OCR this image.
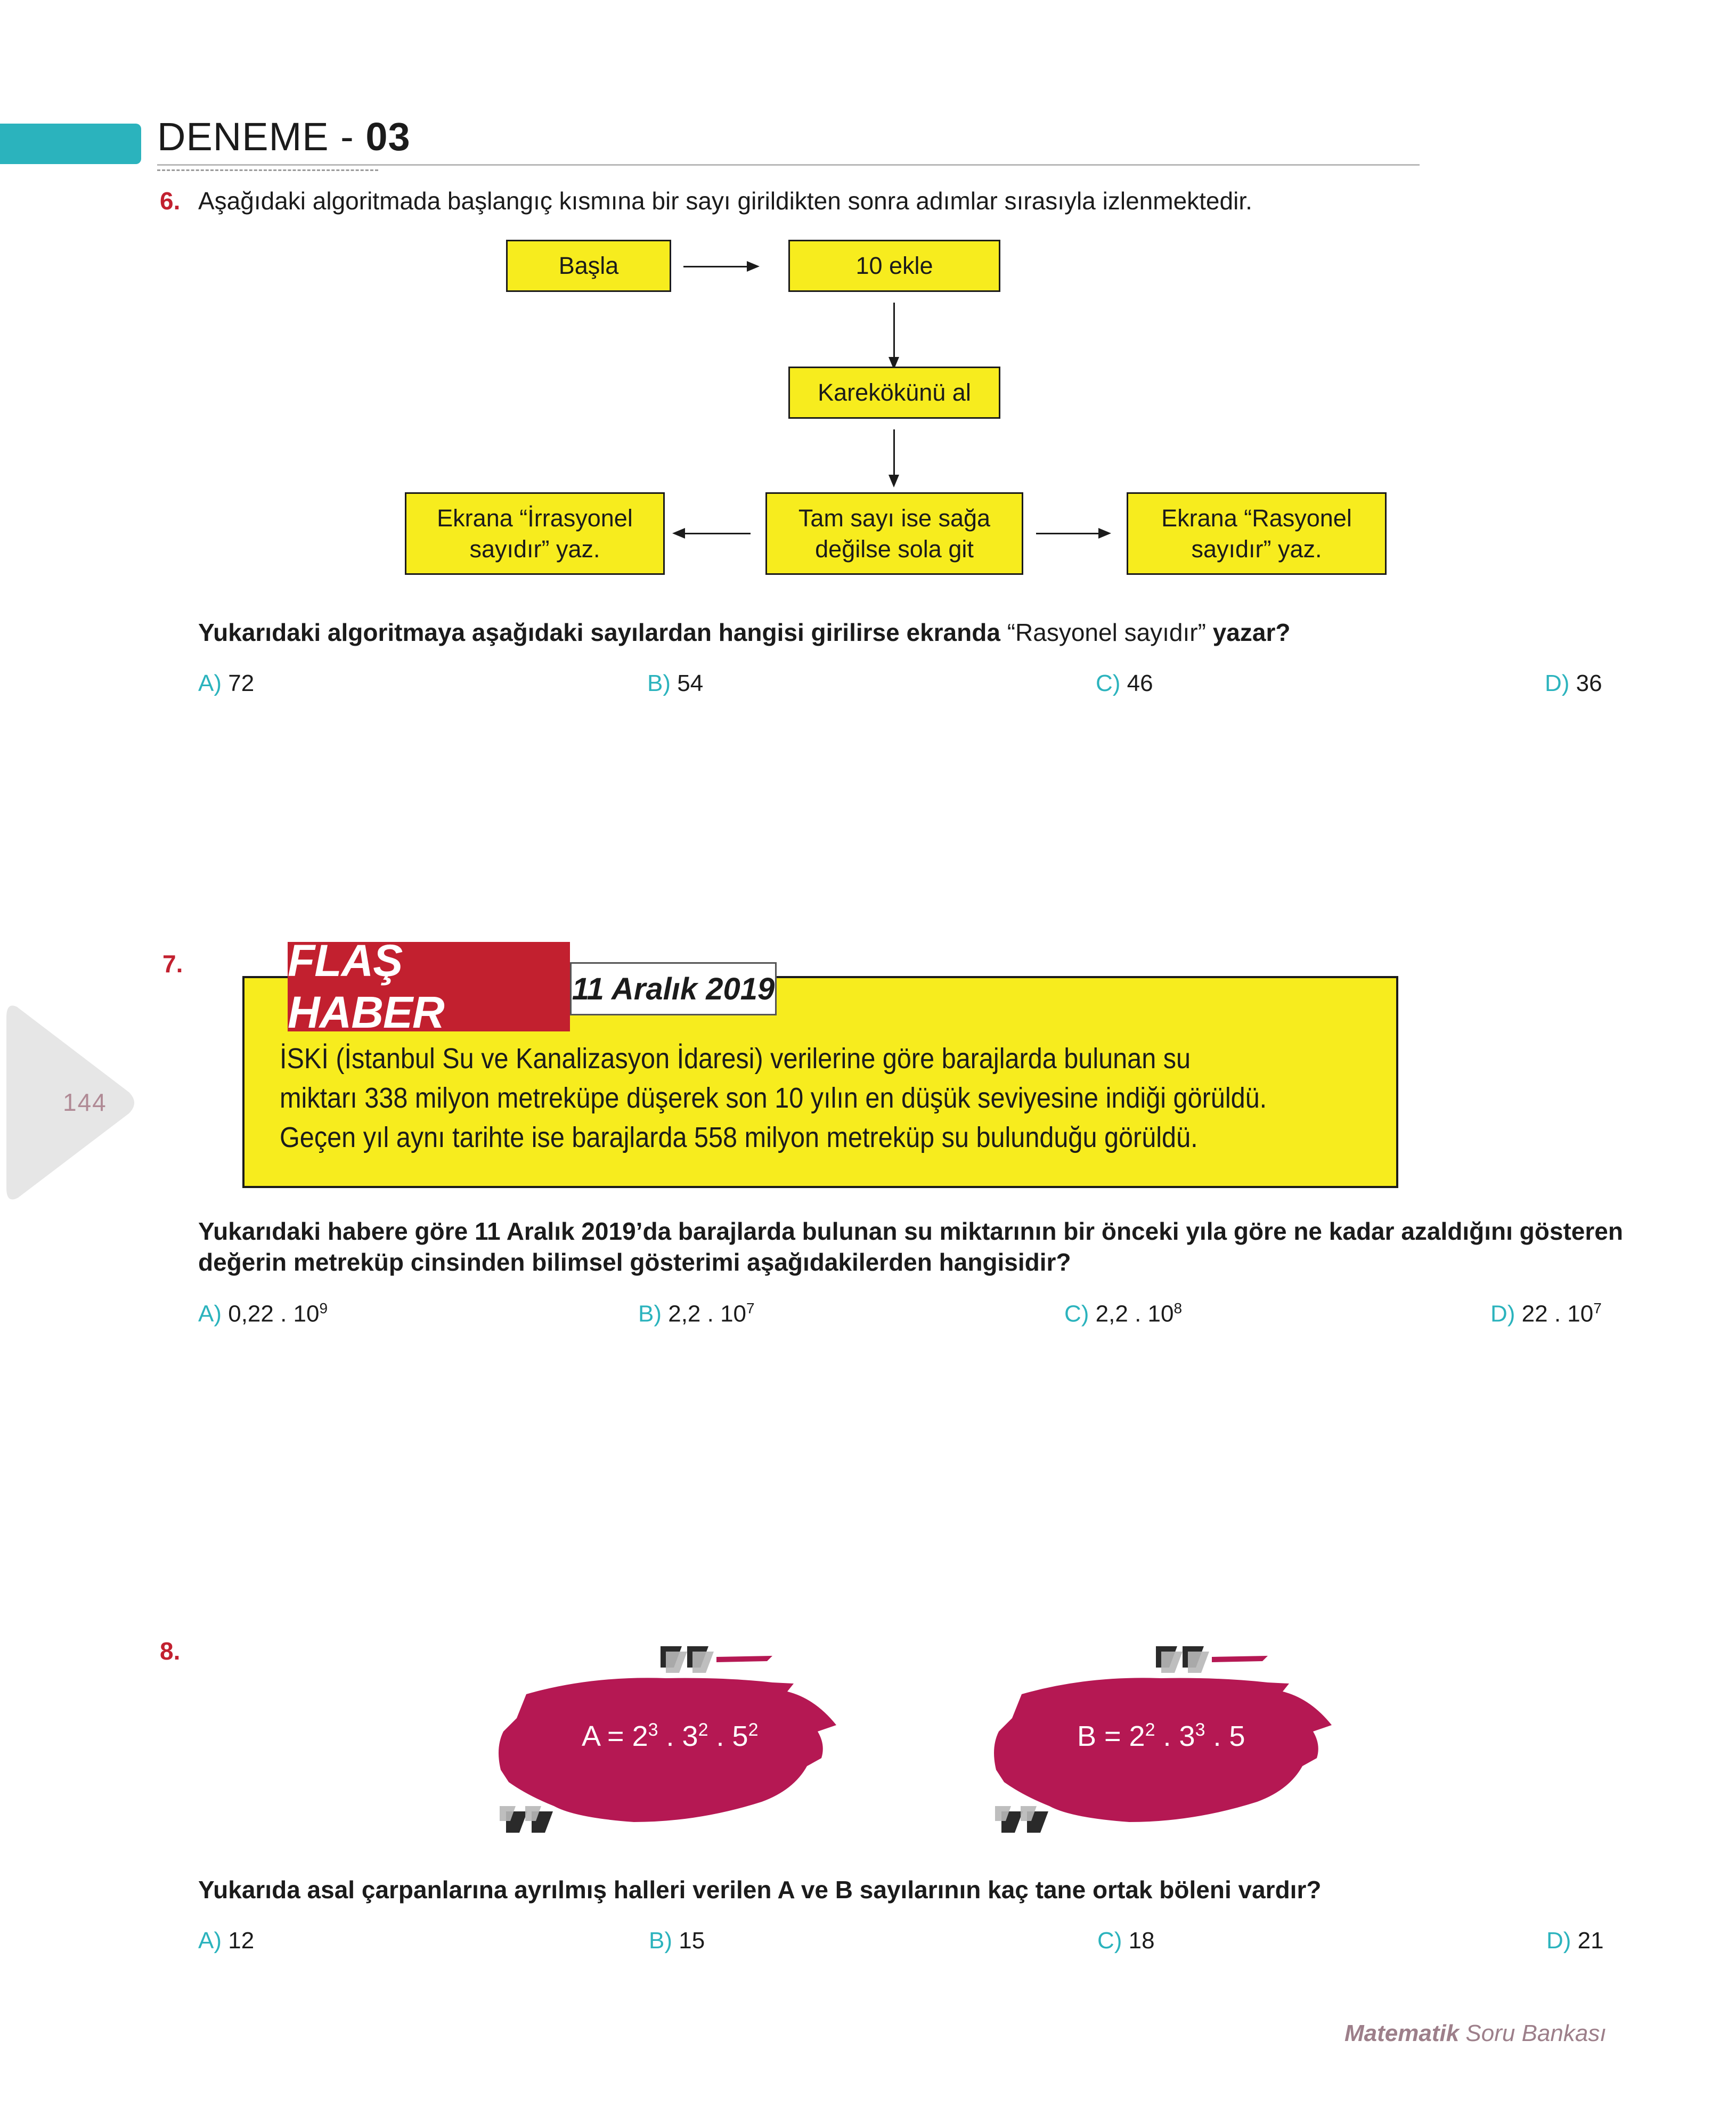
DENEME - 03
144
6. Aşağıdaki algoritmada başlangıç kısmına bir sayı girildikten sonra adımlar sırasıyla izlenmektedir.
Başla	10 ekle
Karekökünü al
Tam sayı ise sağa
değilse sola git
Ekrana “İrrasyonel
sayıdır” yaz.
Ekrana “Rasyonel
sayıdır” yaz.
Yukarıdaki algoritmaya aşağıdaki sayılardan hangisi girilirse ekranda “Rasyonel sayıdır” yazar?
A) 72	B) 54	C) 46	D) 36
7. FLAŞ HABER	11 Aralık 2019
İSKİ (İstanbul Su ve Kanalizasyon İdaresi) verilerine göre barajlarda bulunan su miktarı 338 milyon metreküpe düşerek son 10 yılın en düşük seviyesine indiği görüldü. Geçen yıl aynı tarihte ise barajlarda 558 milyon metreküp su bulunduğu görüldü.
Yukarıdaki habere göre 11 Aralık 2019’da barajlarda bulunan su miktarının bir önceki yıla göre ne kadar azaldığını gösteren
değerin metreküp cinsinden bilimsel gösterimi aşağıdakilerden hangisidir?
A) 0,22 . $10^9$	B) 2,2 . $10^7$	C) 2,2 . $10^8$	D) 22 . $10^7$
8.
$A = 2^3$ . $3^2$ . $5^2$	$B = 2^2$ . $3^3$ . 5
Yukarıda asal çarpanlarına ayrılmış halleri verilen A ve B sayılarının kaç tane ortak böleni vardır?
A) 12	B) 15	C) 18	D) 21
Matematik Soru Bankası
